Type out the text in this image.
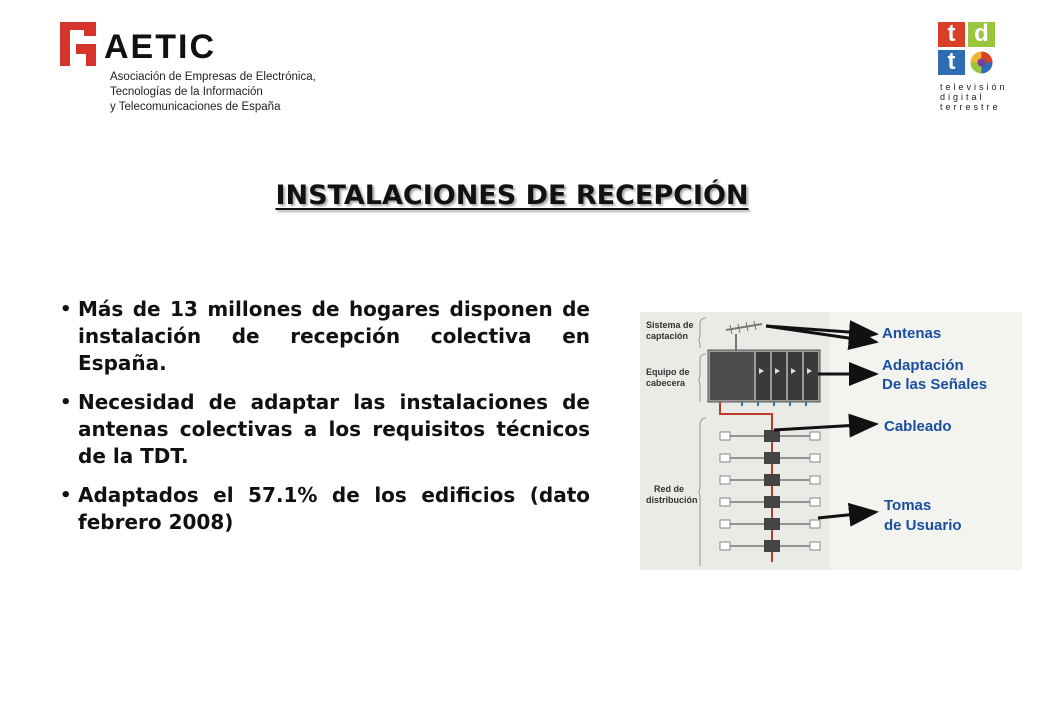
AETIC
Asociación de Empresas de Electrónica,
Tecnologías de la Información
y Telecomunicaciones de España
t d
t
televisión
digital
terrestre
INSTALACIONES DE RECEPCIÓN
• Más de 13 millones de hogares disponen de instalación de recepción colectiva en España.
• Necesidad de adaptar las instalaciones de antenas colectivas a los requisitos técnicos de la TDT.
• Adaptados el 57.1% de los edificios (dato febrero 2008)
Sistema de
captación
Equipo de
cabecera
Red de
distribución
Antenas
Adaptación
De las Señales
Cableado
Tomas
de Usuario
